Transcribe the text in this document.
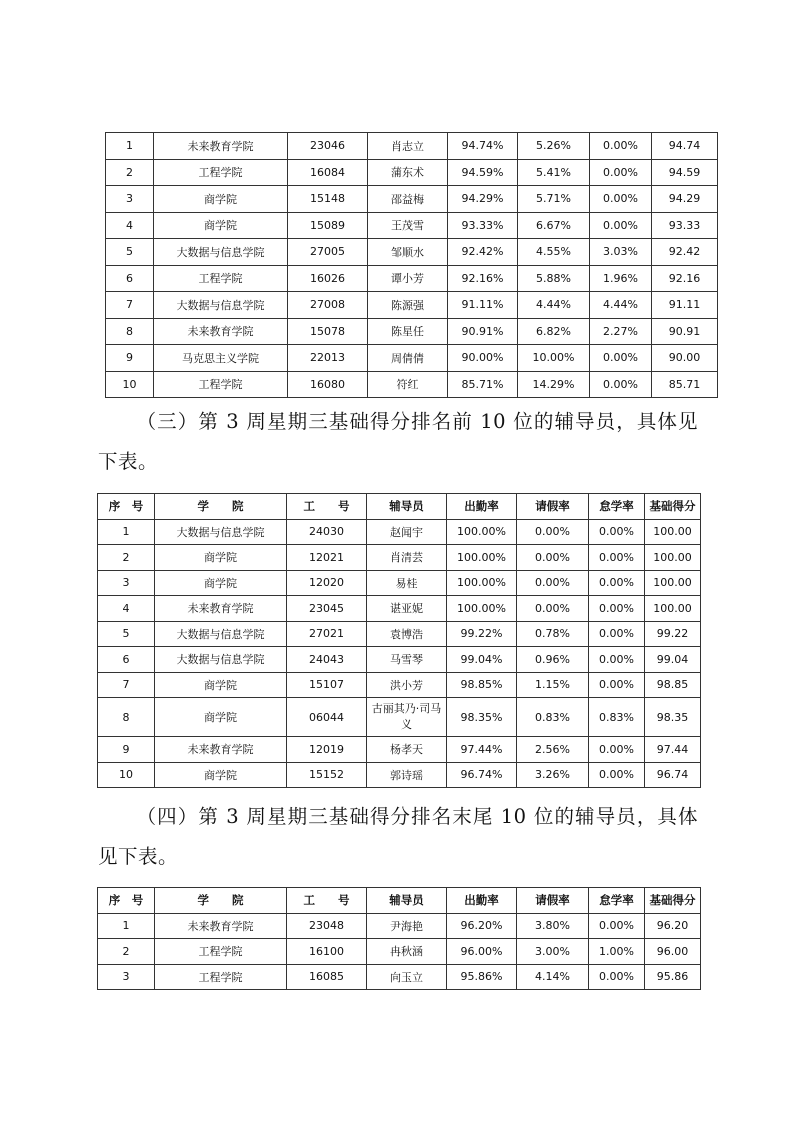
1	未来教育学院	23046	肖志立	94.74%	5.26%	0.00%	94.74
2	工程学院	16084	蒲东术	94.59%	5.41%	0.00%	94.59
3	商学院	15148	邵益梅	94.29%	5.71%	0.00%	94.29
4	商学院	15089	王茂雪	93.33%	6.67%	0.00%	93.33
5	大数据与信息学院	27005	邹顺水	92.42%	4.55%	3.03%	92.42
6	工程学院	16026	谭小芳	92.16%	5.88%	1.96%	92.16
7	大数据与信息学院	27008	陈源强	91.11%	4.44%	4.44%	91.11
8	未来教育学院	15078	陈星任	90.91%	6.82%	2.27%	90.91
9	马克思主义学院	22013	周倩倩	90.00%	10.00%	0.00%	90.00
10	工程学院	16080	符红	85.71%	14.29%	0.00%	85.71
（三）第 3 周星期三基础得分排名前 10 位的辅导员，具体见下表。
序　号	学　　院	工　　号	辅导员	出勤率	请假率	怠学率	基础得分
1	大数据与信息学院	24030	赵闻宇	100.00%	0.00%	0.00%	100.00
2	商学院	12021	肖清芸	100.00%	0.00%	0.00%	100.00
3	商学院	12020	易桂	100.00%	0.00%	0.00%	100.00
4	未来教育学院	23045	谌亚妮	100.00%	0.00%	0.00%	100.00
5	大数据与信息学院	27021	袁博浩	99.22%	0.78%	0.00%	99.22
6	大数据与信息学院	24043	马雪琴	99.04%	0.96%	0.00%	99.04
7	商学院	15107	洪小芳	98.85%	1.15%	0.00%	98.85
8	商学院	06044	古丽其乃·司马义	98.35%	0.83%	0.83%	98.35
9	未来教育学院	12019	杨孝天	97.44%	2.56%	0.00%	97.44
10	商学院	15152	郭诗瑶	96.74%	3.26%	0.00%	96.74
（四）第 3 周星期三基础得分排名末尾 10 位的辅导员，具体见下表。
序　号	学　　院	工　　号	辅导员	出勤率	请假率	怠学率	基础得分
1	未来教育学院	23048	尹海艳	96.20%	3.80%	0.00%	96.20
2	工程学院	16100	冉秋涵	96.00%	3.00%	1.00%	96.00
3	工程学院	16085	向玉立	95.86%	4.14%	0.00%	95.86
